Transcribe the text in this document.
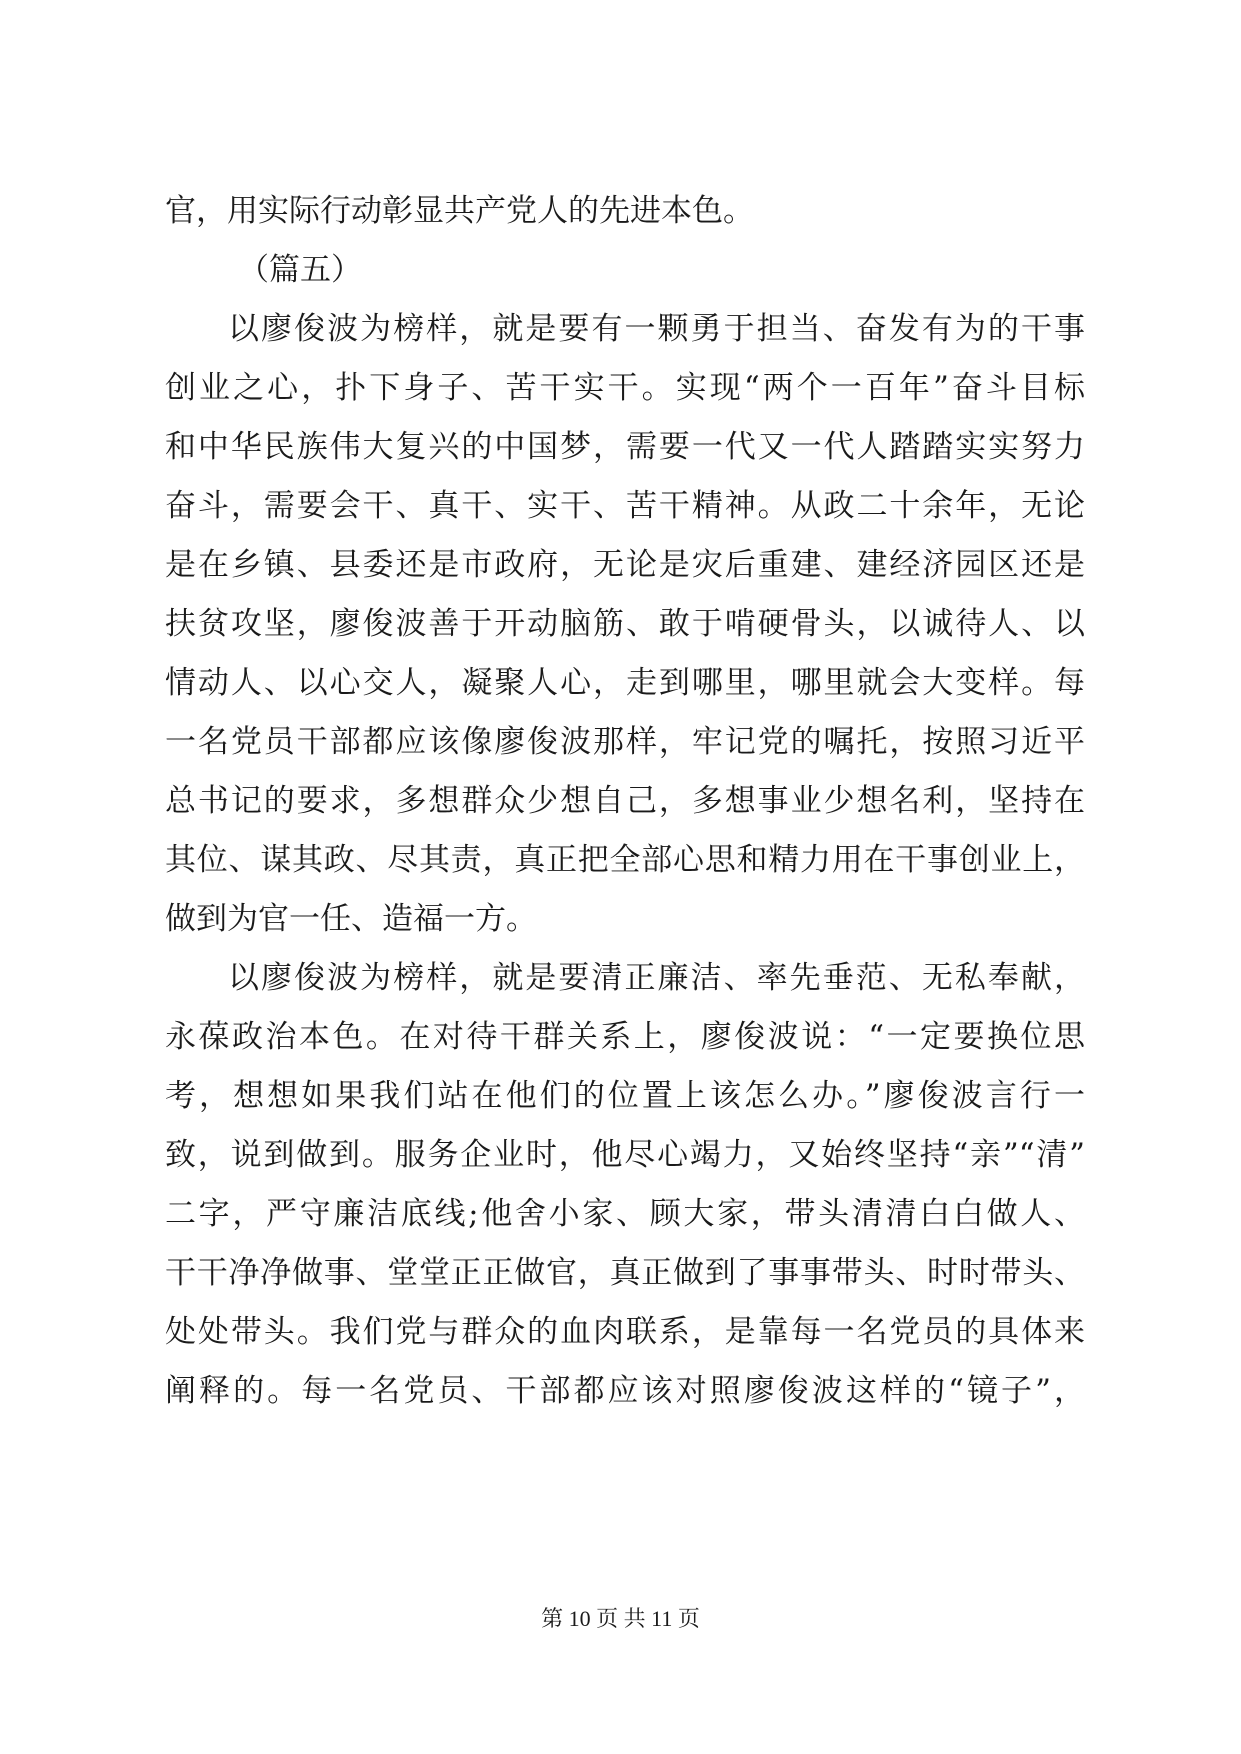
官，用实际行动彰显共产党人的先进本色。
（篇五）
以廖俊波为榜样，就是要有一颗勇于担当、奋发有为的干事
创业之心，扑下身子、苦干实干。实现“两个一百年”奋斗目标
和中华民族伟大复兴的中国梦，需要一代又一代人踏踏实实努力
奋斗，需要会干、真干、实干、苦干精神。从政二十余年，无论
是在乡镇、县委还是市政府，无论是灾后重建、建经济园区还是
扶贫攻坚，廖俊波善于开动脑筋、敢于啃硬骨头，以诚待人、以
情动人、以心交人，凝聚人心，走到哪里，哪里就会大变样。每
一名党员干部都应该像廖俊波那样，牢记党的嘱托，按照习近平
总书记的要求，多想群众少想自己，多想事业少想名利，坚持在
其位、谋其政、尽其责，真正把全部心思和精力用在干事创业上，
做到为官一任、造福一方。
以廖俊波为榜样，就是要清正廉洁、率先垂范、无私奉献，
永葆政治本色。在对待干群关系上，廖俊波说：“一定要换位思
考，想想如果我们站在他们的位置上该怎么办。”廖俊波言行一
致，说到做到。服务企业时，他尽心竭力，又始终坚持“亲”“清”
二字，严守廉洁底线;他舍小家、顾大家，带头清清白白做人、
干干净净做事、堂堂正正做官，真正做到了事事带头、时时带头、
处处带头。我们党与群众的血肉联系，是靠每一名党员的具体来
阐释的。每一名党员、干部都应该对照廖俊波这样的“镜子”，
第 10 页 共 11 页
